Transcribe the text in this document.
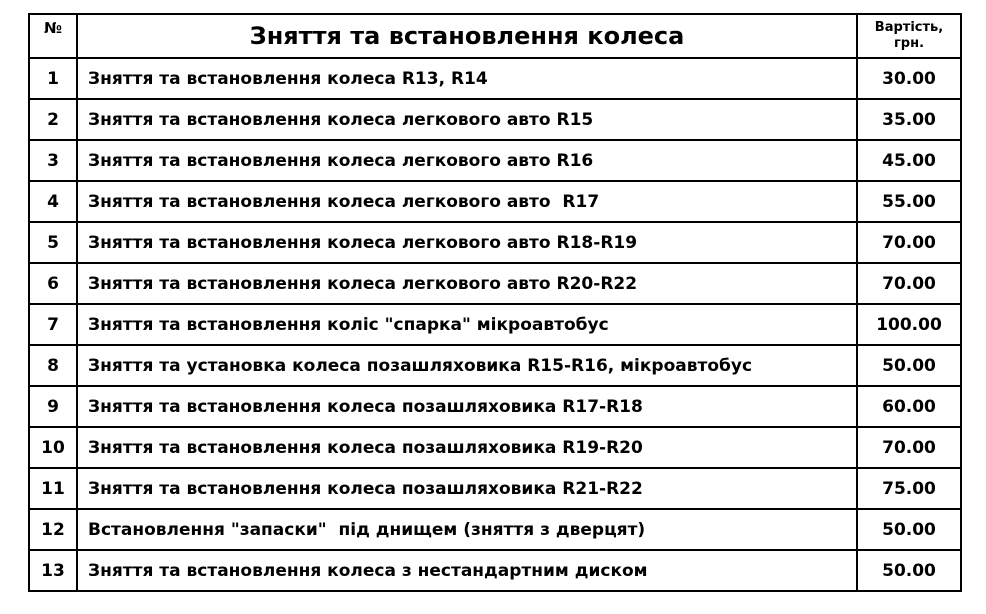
№	Зняття та встановлення колеса	Вартість,
грн.

1	Зняття та встановлення колеса R13, R14	30.00
2	Зняття та встановлення колеса легкового авто R15	35.00
3	Зняття та встановлення колеса легкового авто R16	45.00
4	Зняття та встановлення колеса легкового авто  R17	55.00
5	Зняття та встановлення колеса легкового авто R18-R19	70.00
6	Зняття та встановлення колеса легкового авто R20-R22	70.00
7	Зняття та встановлення коліс "спарка" мікроавтобус	100.00
8	Зняття та установка колеса позашляховика R15-R16, мікроавтобус	50.00
9	Зняття та встановлення колеса позашляховика R17-R18	60.00
10	Зняття та встановлення колеса позашляховика R19-R20	70.00
11	Зняття та встановлення колеса позашляховика R21-R22	75.00
12	Встановлення "запаски"  під днищем (зняття з дверцят)	50.00
13	Зняття та встановлення колеса з нестандартним диском	50.00
